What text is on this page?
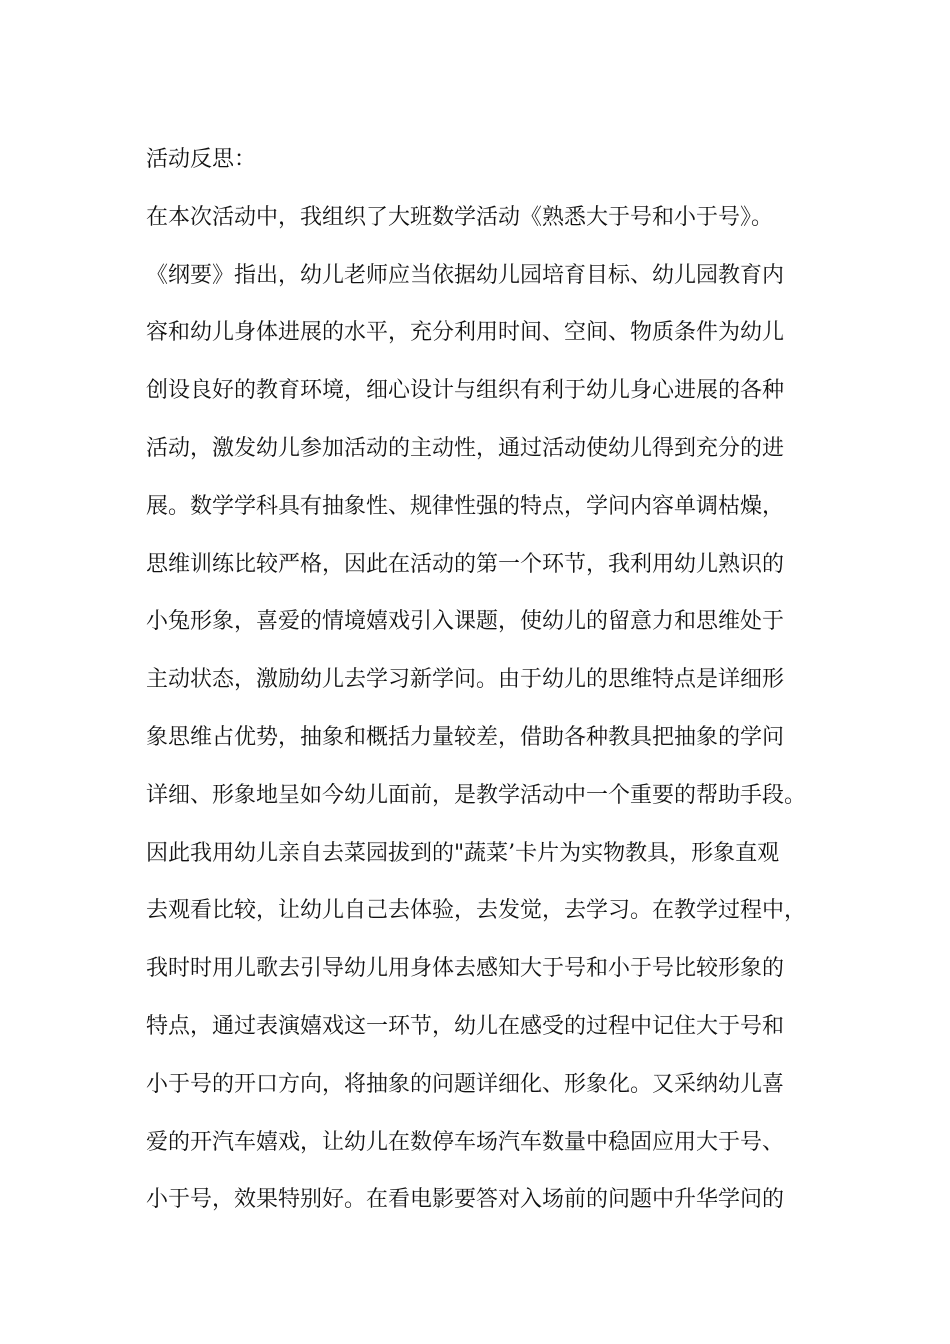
活动反思：
在本次活动中，我组织了大班数学活动《熟悉大于号和小于号》。
《纲要》指出，幼儿老师应当依据幼儿园培育目标、幼儿园教育内
容和幼儿身体进展的水平，充分利用时间、空间、物质条件为幼儿
创设良好的教育环境，细心设计与组织有利于幼儿身心进展的各种
活动，激发幼儿参加活动的主动性，通过活动使幼儿得到充分的进
展。数学学科具有抽象性、规律性强的特点，学问内容单调枯燥，
思维训练比较严格，因此在活动的第一个环节，我利用幼儿熟识的
小兔形象，喜爱的情境嬉戏引入课题，使幼儿的留意力和思维处于
主动状态，激励幼儿去学习新学问。由于幼儿的思维特点是详细形
象思维占优势，抽象和概括力量较差，借助各种教具把抽象的学问
详细、形象地呈如今幼儿面前，是教学活动中一个重要的帮助手段。
因此我用幼儿亲自去菜园拔到的"蔬菜’卡片为实物教具，形象直观
去观看比较，让幼儿自己去体验，去发觉，去学习。在教学过程中，
我时时用儿歌去引导幼儿用身体去感知大于号和小于号比较形象的
特点，通过表演嬉戏这一环节，幼儿在感受的过程中记住大于号和
小于号的开口方向，将抽象的问题详细化、形象化。又采纳幼儿喜
爱的开汽车嬉戏，让幼儿在数停车场汽车数量中稳固应用大于号、
小于号，效果特别好。在看电影要答对入场前的问题中升华学问的
